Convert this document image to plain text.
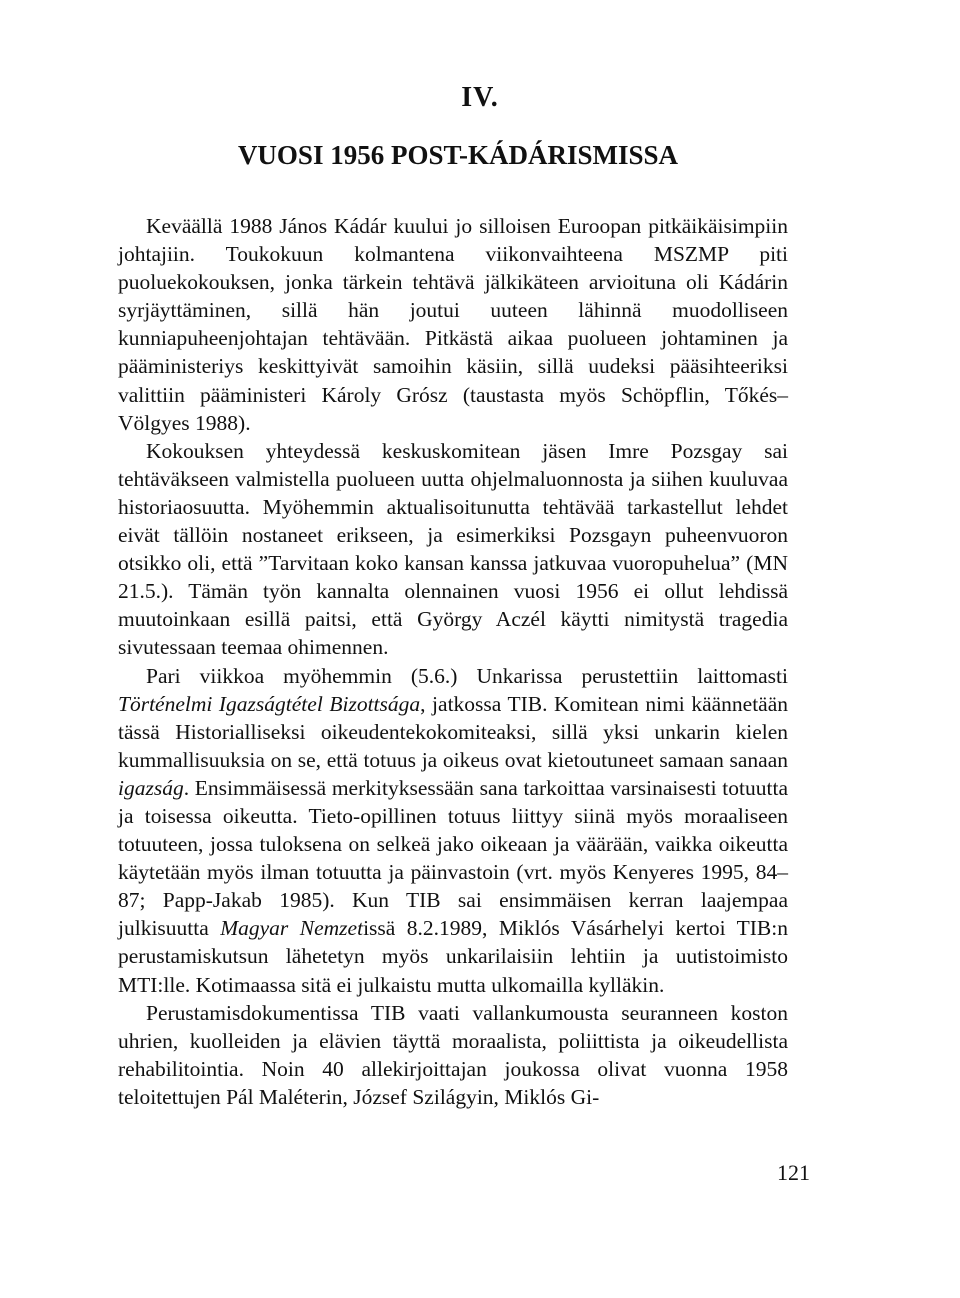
IV.
VUOSI 1956 POST-KÁDÁRISMISSA

Keväällä 1988 János Kádár kuului jo silloisen Euroopan pitkäikäisimpiin johtajiin. Toukokuun kolmantena viikonvaihteena MSZMP piti puoluekokouksen, jonka tärkein tehtävä jälkikäteen arvioituna oli Kádárin syrjäyttäminen, sillä hän joutui uuteen lähinnä muodolliseen kunniapuheenjohtajan tehtävään. Pitkästä aikaa puolueen johtaminen ja pääministeriys keskittyivät samoihin käsiin, sillä uudeksi pääsihteeriksi valittiin pääministeri Károly Grósz (taustasta myös Schöpflin, Tőkés–Völgyes 1988).

Kokouksen yhteydessä keskuskomitean jäsen Imre Pozsgay sai tehtäväkseen valmistella puolueen uutta ohjelmaluonnosta ja siihen kuuluvaa historiaosuutta. Myöhemmin aktualisoitunutta tehtävää tarkastellut lehdet eivät tällöin nostaneet erikseen, ja esimerkiksi Pozsgayn puheenvuoron otsikko oli, että ”Tarvitaan koko kansan kanssa jatkuvaa vuoropuhelua” (MN 21.5.). Tämän työn kannalta olennainen vuosi 1956 ei ollut lehdissä muutoinkaan esillä paitsi, että György Aczél käytti nimitystä tragedia sivutessaan teemaa ohimennen.

Pari viikkoa myöhemmin (5.6.) Unkarissa perustettiin laittomasti Történelmi Igazságtétel Bizottsága, jatkossa TIB. Komitean nimi käännetään tässä Historialliseksi oikeudentekokomiteaksi, sillä yksi unkarin kielen kummallisuuksia on se, että totuus ja oikeus ovat kietoutuneet samaan sanaan igazság. Ensimmäisessä merkityksessään sana tarkoittaa varsinaisesti totuutta ja toisessa oikeutta. Tieto-opillinen totuus liittyy siinä myös moraaliseen totuuteen, jossa tuloksena on selkeä jako oikeaan ja väärään, vaikka oikeutta käytetään myös ilman totuutta ja päinvastoin (vrt. myös Kenyeres 1995, 84–87; Papp-Jakab 1985). Kun TIB sai ensimmäisen kerran laajempaa julkisuutta Magyar Nemzetissä 8.2.1989, Miklós Vásárhelyi kertoi TIB:n perustamiskutsun lähetetyn myös unkarilaisiin lehtiin ja uutistoimisto MTI:lle. Kotimaassa sitä ei julkaistu mutta ulkomailla kylläkin.

Perustamisdokumentissa TIB vaati vallankumousta seuranneen koston uhrien, kuolleiden ja elävien täyttä moraalista, poliittista ja oikeudellista rehabilitointia. Noin 40 allekirjoittajan joukossa olivat vuonna 1958 teloitettujen Pál Maléterin, József Szilágyin, Miklós Gi-

121
